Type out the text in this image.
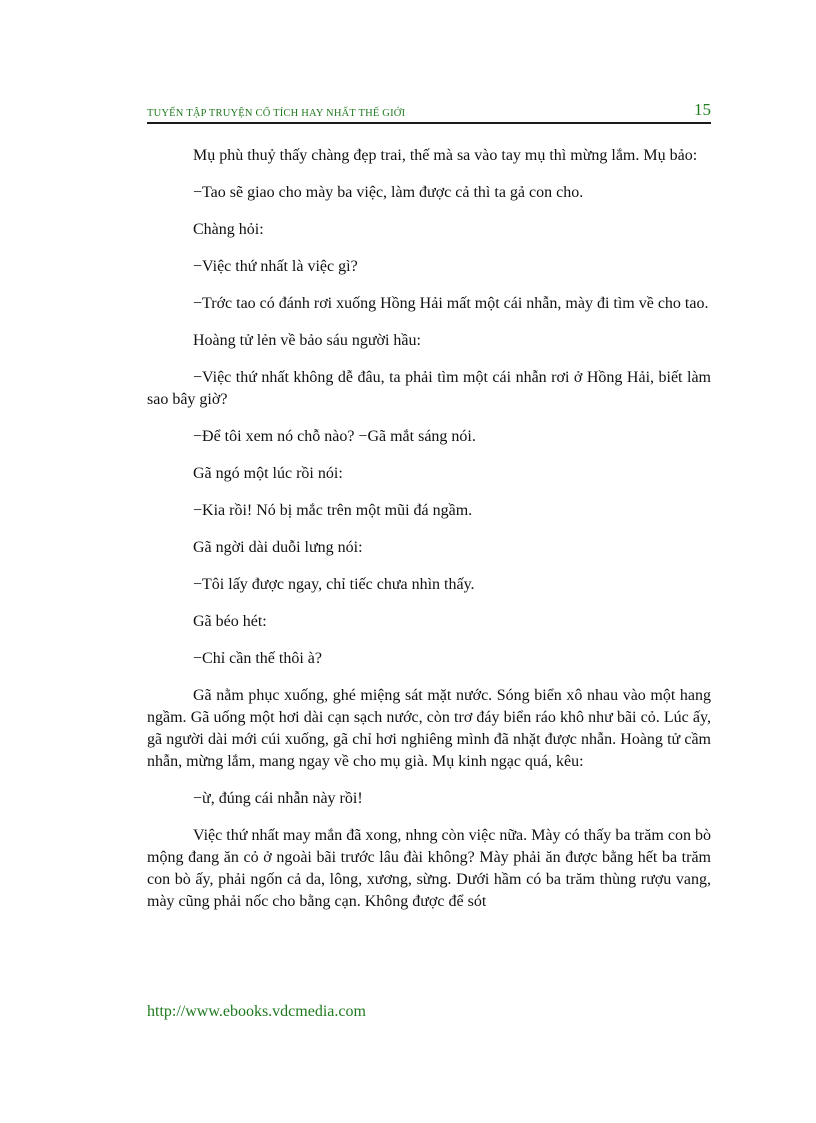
TUYỂN TẬP TRUYỆN CỔ TÍCH HAY NHẤT THẾ GIỚI	15

Mụ phù thuỷ thấy chàng đẹp trai, thế mà sa vào tay mụ thì mừng lắm. Mụ bảo:

−Tao sẽ giao cho mày ba việc, làm được cả thì ta gả con cho.

Chàng hỏi:

−Việc thứ nhất là việc gì?

−Trớc tao có đánh rơi xuống Hồng Hải mất một cái nhẫn, mày đi tìm về cho tao.

Hoàng tử lẻn về bảo sáu người hầu:

−Việc thứ nhất không dễ đâu, ta phải tìm một cái nhẫn rơi ở Hồng Hải, biết làm sao bây giờ?

−Để tôi xem nó chỗ nào? −Gã mắt sáng nói.

Gã ngó một lúc rồi nói:

−Kia rồi! Nó bị mắc trên một mũi đá ngầm.

Gã ngời dài duỗi lưng nói:

−Tôi lấy được ngay, chỉ tiếc chưa nhìn thấy.

Gã béo hét:

−Chỉ cần thế thôi à?

Gã nằm phục xuống, ghé miệng sát mặt nước. Sóng biển xô nhau vào một hang ngầm. Gã uống một hơi dài cạn sạch nước, còn trơ đáy biển ráo khô như bãi cỏ. Lúc ấy, gã người dài mới cúi xuống, gã chỉ hơi nghiêng mình đã nhặt được nhẫn. Hoàng tử cầm nhẫn, mừng lắm, mang ngay về cho mụ già. Mụ kinh ngạc quá, kêu:

−ừ, đúng cái nhẫn này rồi!

Việc thứ nhất may mắn đã xong, nhng còn việc nữa. Mày có thấy ba trăm con bò mộng đang ăn cỏ ở ngoài bãi trước lâu đài không? Mày phải ăn được bằng hết ba trăm con bò ấy, phải ngốn cả da, lông, xương, sừng. Dưới hầm có ba trăm thùng rượu vang, mày cũng phải nốc cho bằng cạn. Không được để sót

http://www.ebooks.vdcmedia.com
